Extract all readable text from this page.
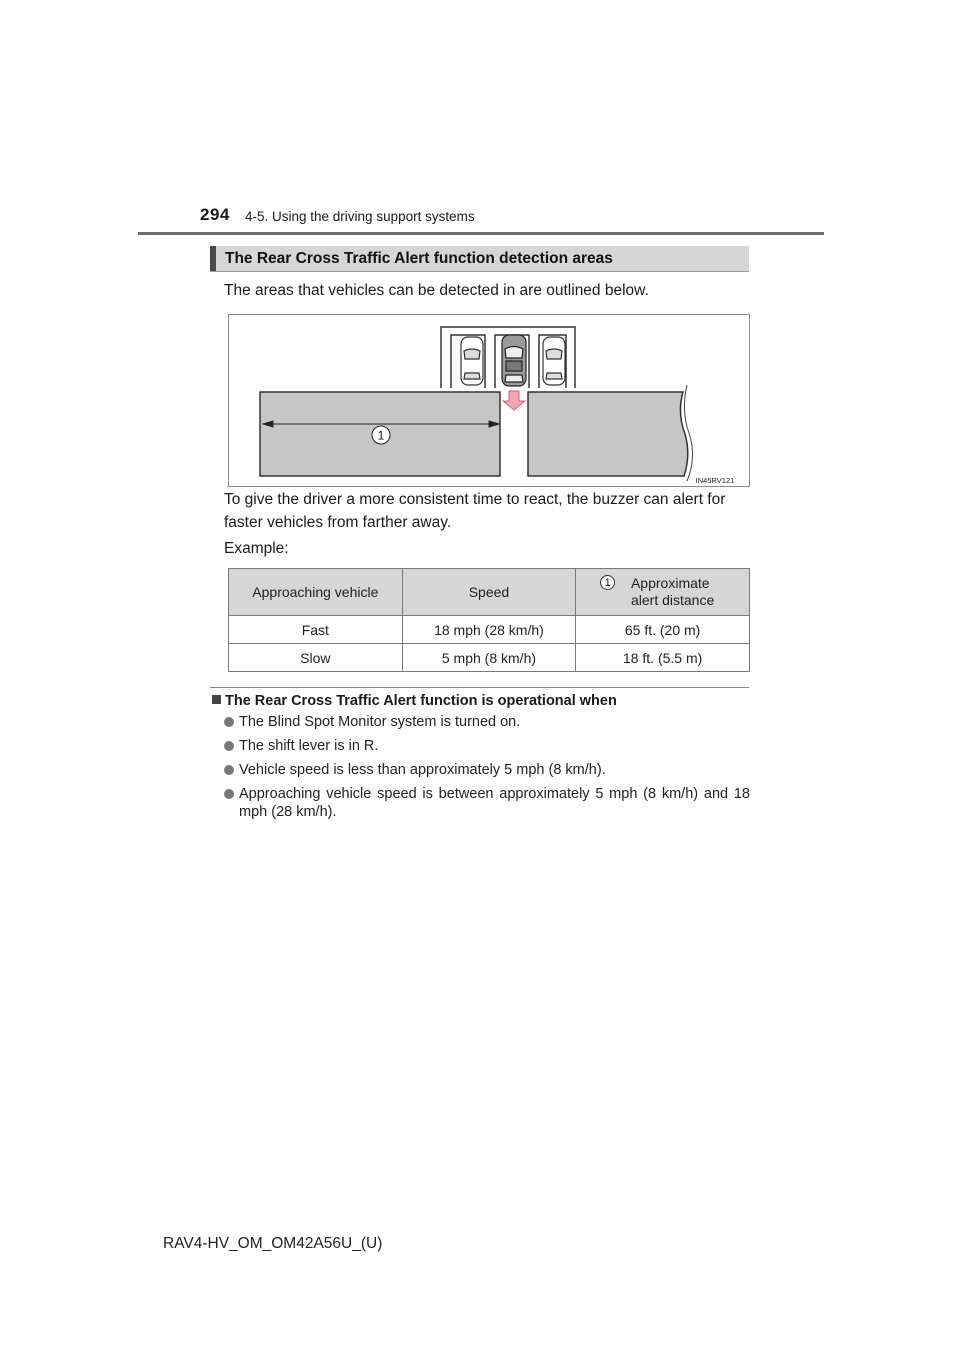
294 4-5. Using the driving support systems
The Rear Cross Traffic Alert function detection areas
The areas that vehicles can be detected in are outlined below.
1
IN45RV121
To give the driver a more consistent time to react, the buzzer can alert for faster vehicles from farther away.
Example:
Approaching vehicle	Speed	1 Approximate
alert distance
Fast	18 mph (28 km/h)	65 ft. (20 m)
Slow	5 mph (8 km/h)	18 ft. (5.5 m)
The Rear Cross Traffic Alert function is operational when
The Blind Spot Monitor system is turned on.
The shift lever is in R.
Vehicle speed is less than approximately 5 mph (8 km/h).
Approaching vehicle speed is between approximately 5 mph (8 km/h) and 18 mph (28 km/h).
RAV4-HV_OM_OM42A56U_(U)
